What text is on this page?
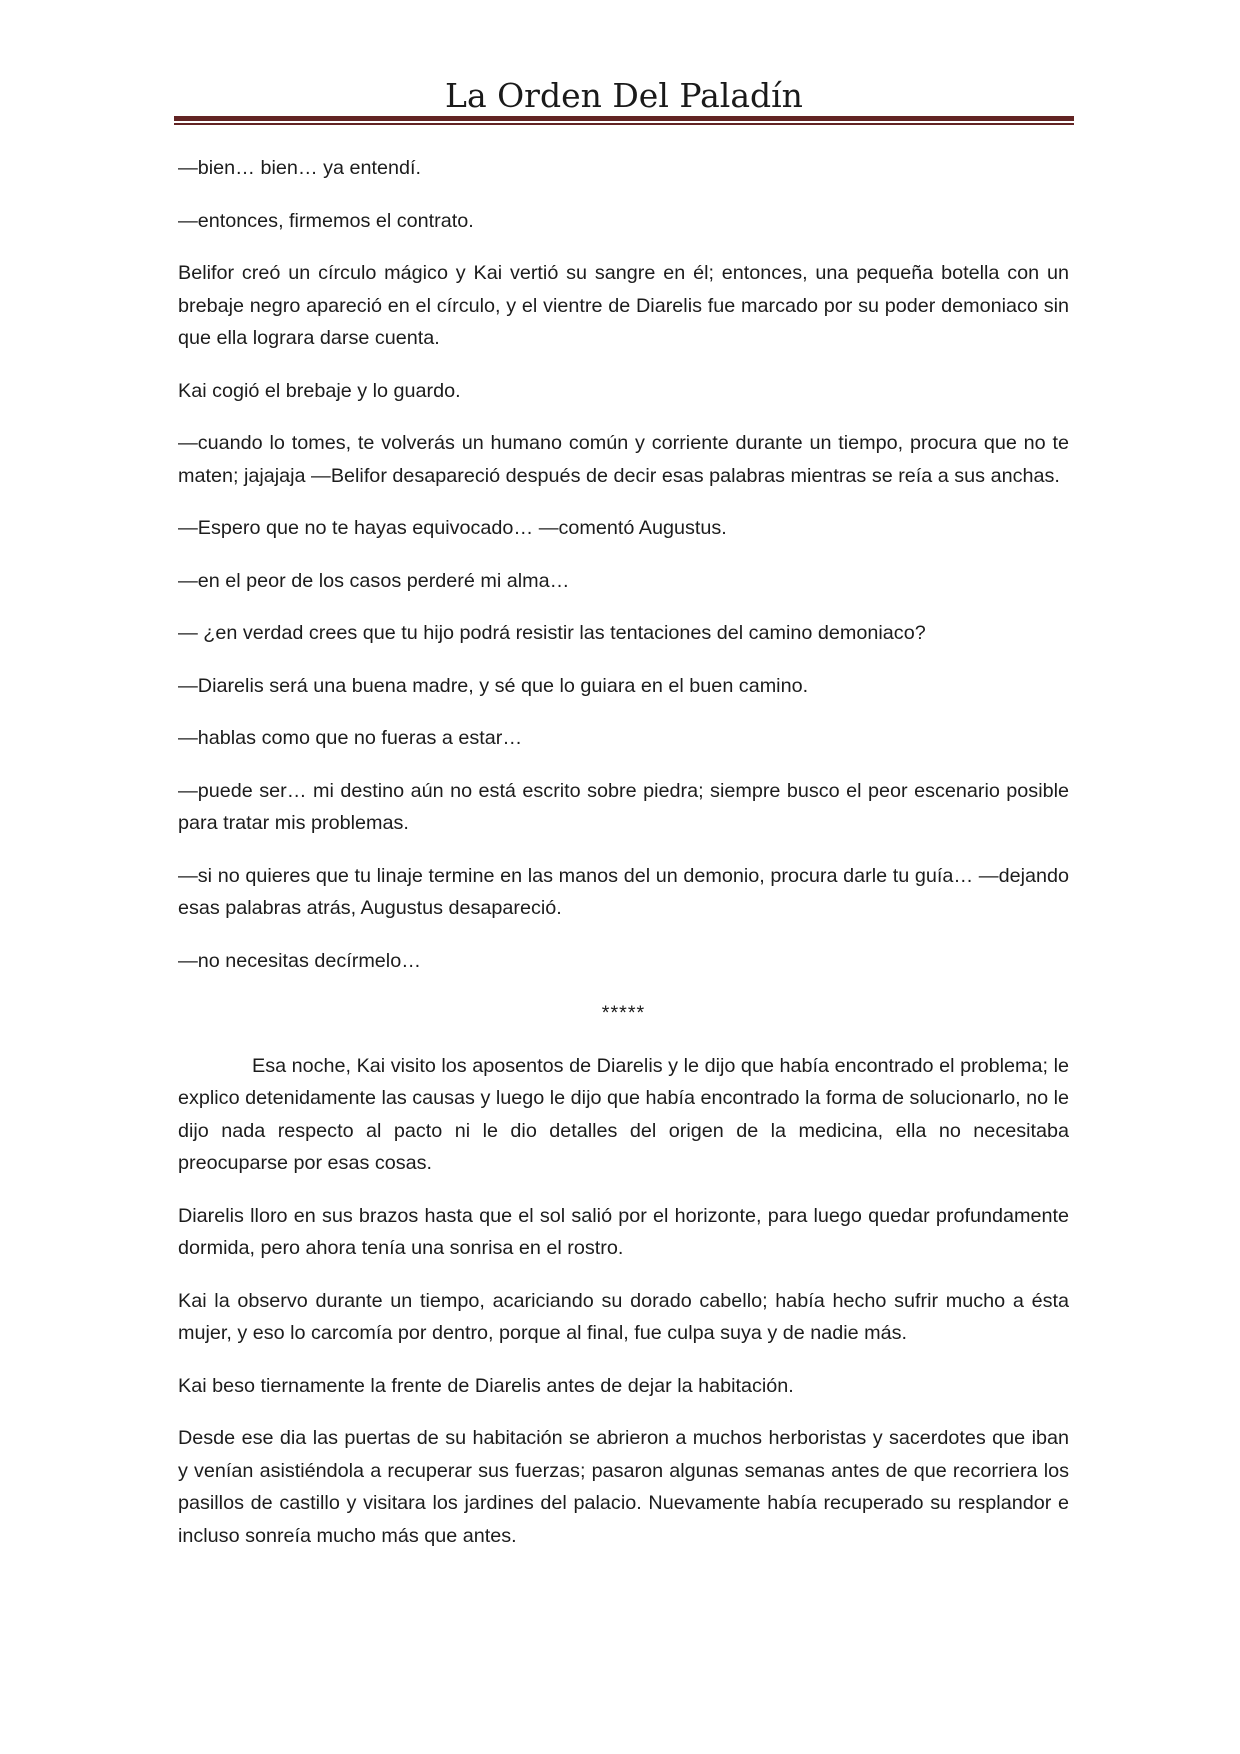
La Orden Del Paladín

—bien… bien… ya entendí.

—entonces, firmemos el contrato.

Belifor creó un círculo mágico y Kai vertió su sangre en él; entonces, una pequeña botella con un brebaje negro apareció en el círculo, y el vientre de Diarelis fue marcado por su poder demoniaco sin que ella lograra darse cuenta.

Kai cogió el brebaje y lo guardo.

—cuando lo tomes, te volverás un humano común y corriente durante un tiempo, procura que no te maten; jajajaja —Belifor desapareció después de decir esas palabras mientras se reía a sus anchas.

—Espero que no te hayas equivocado… —comentó Augustus.

—en el peor de los casos perderé mi alma…

— ¿en verdad crees que tu hijo podrá resistir las tentaciones del camino demoniaco?

—Diarelis será una buena madre, y sé que lo guiara en el buen camino.

—hablas como que no fueras a estar…

—puede ser… mi destino aún no está escrito sobre piedra; siempre busco el peor escenario posible para tratar mis problemas.

—si no quieres que tu linaje termine en las manos del un demonio, procura darle tu guía… —dejando esas palabras atrás, Augustus desapareció.

—no necesitas decírmelo…

*****

Esa noche, Kai visito los aposentos de Diarelis y le dijo que había encontrado el problema; le explico detenidamente las causas y luego le dijo que había encontrado la forma de solucionarlo, no le dijo nada respecto al pacto ni le dio detalles del origen de la medicina, ella no necesitaba preocuparse por esas cosas.

Diarelis lloro en sus brazos hasta que el sol salió por el horizonte, para luego quedar profundamente dormida, pero ahora tenía una sonrisa en el rostro.

Kai la observo durante un tiempo, acariciando su dorado cabello; había hecho sufrir mucho a ésta mujer, y eso lo carcomía por dentro, porque al final, fue culpa suya y de nadie más.

Kai beso tiernamente la frente de Diarelis antes de dejar la habitación.

Desde ese dia las puertas de su habitación se abrieron a muchos herboristas y sacerdotes que iban y venían asistiéndola a recuperar sus fuerzas; pasaron algunas semanas antes de que recorriera los pasillos de castillo y visitara los jardines del palacio. Nuevamente había recuperado su resplandor e incluso sonreía mucho más que antes.
